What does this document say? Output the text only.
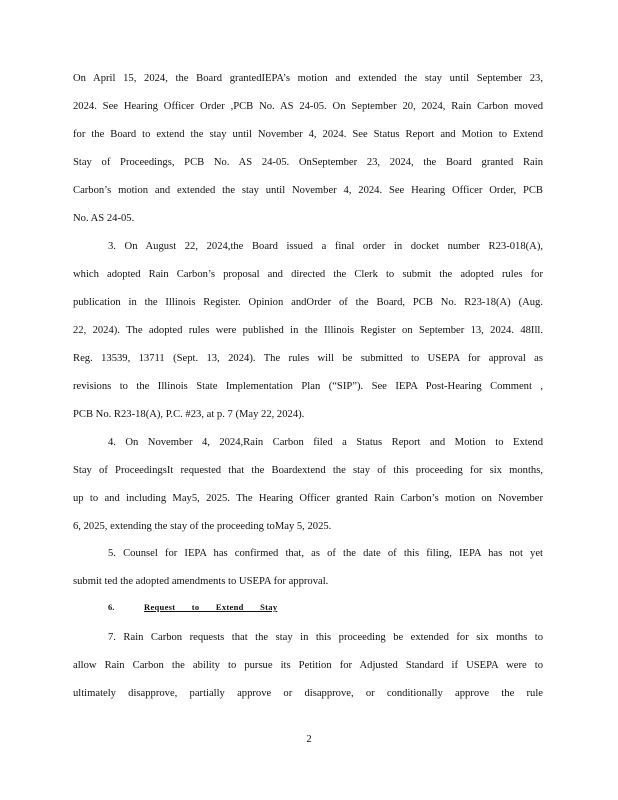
On April 15, 2024, the Board grantedIEPA’s motion and extended the stay until September 23,
2024. See Hearing Officer Order ,PCB No. AS 24-05. On September 20, 2024, Rain Carbon moved
for the Board to extend the stay until November 4, 2024. See Status Report and Motion to Extend
Stay of Proceedings, PCB No. AS 24-05. OnSeptember 23, 2024, the Board granted Rain
Carbon’s motion and extended the stay until November 4, 2024. See Hearing Officer Order, PCB
No. AS 24-05.
3. On August 22, 2024,the Board issued a final order in docket number R23-018(A),
which adopted Rain Carbon’s proposal and directed the Clerk to submit the adopted rules for
publication in the Illinois Register. Opinion andOrder of the Board, PCB No. R23-18(A) (Aug.
22, 2024). The adopted rules were published in the Illinois Register on September 13, 2024. 48Ill.
Reg. 13539, 13711 (Sept. 13, 2024). The rules will be submitted to USEPA for approval as
revisions to the Illinois State Implementation Plan (“SIP”). See IEPA Post-Hearing Comment ,
PCB No. R23-18(A), P.C. #23, at p. 7 (May 22, 2024).
4. On November 4, 2024,Rain Carbon filed a Status Report and Motion to Extend
Stay of ProceedingsIt requested that the Boardextend the stay of this proceeding for six months,
up to and including May5, 2025. The Hearing Officer granted Rain Carbon’s motion on November
6, 2025, extending the stay of the proceeding toMay 5, 2025.
5. Counsel for IEPA has confirmed that, as of the date of this filing, IEPA has not yet
submit ted the adopted amendments to USEPA for approval.
6.	Request to Extend Stay
7. Rain Carbon requests that the stay in this proceeding be extended for six months to
allow Rain Carbon the ability to pursue its Petition for Adjusted Standard if USEPA were to
ultimately disapprove, partially approve or disapprove, or conditionally approve the rule
2
